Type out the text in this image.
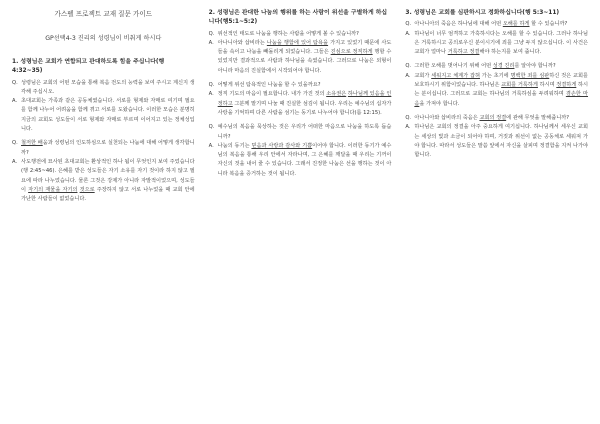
가스펠 프로젝트 교재 질문 가이드
GP선택4-3 진리의 성령님이 비춰게 하시다
1. 성령님은 교회가 연합되고 관대하도록 힘을 주십니다(행4:32~35)
Q. 성령님은 교회의 어떤 모습을 통해 복음 전도의 능력을 보여 주시고 계신지 생각해 주십시오.

A. 초대교회는 가족과 같은 공동체였습니다. 서로를 형제와 자매로 여기며 필요를 함께 나누어 어려움을 함께 겪고 서로를 도왔습니다. 이러한 모습은 분명히 지금의 교회도 성도들이 서로 형제와 자매로 부르며 이어지고 있는 정체성입니다.

Q. 철저한 배움과 성령님의 인도하심으로 실천되는 나눔에 대해 어떻게 생각합니까?

A. 사도행전에 묘사된 초대교회는 환상적인 하나 됨이 무엇인지 보여 주었습니다(행 2:45~46). 은혜를 받은 성도들은 자기 소유를 자기 것이라 하지 않고 필요에 따라 나누었습니다. 물론 그것은 강제가 아니라 자발적이었으며, 성도들이 자기의 재물을 자기의 것으로 주장하지 않고 서로 나누었을 때 교회 안에 가난한 사람들이 없었습니다.

2. 성령님은 관대한 나눔의 행위를 하는 사람이 위선을 구별하게 하십니다(행5:1~5:2)
Q. 위선적인 태도로 나눔을 행하는 사람을 어떻게 볼 수 있습니까?

A. 아나니아와 삽비라는 나눔을 행함에 있어 탐욕을 가지고 있었기 때문에 사도들을 속이고 나눔을 빼돌리게 되었습니다. 그들은 진심으로 정직하게 행할 수 있었지만 결과적으로 사람과 하나님을 속였습니다. 그러므로 나눔은 외형이 아니라 마음의 진실함에서 시작되어야 합니다.

Q. 어떻게 위선 탐욕적인 나눔을 할 수 있을까요?

A. 정직 기도의 마음이 필요합니다. 내가 가진 것의 소유권은 하나님께 있음을 인정하고 그분께 맡기며 나눌 때 진실한 섬김이 됩니다. 우리는 예수님의 십자가 사랑을 기억하며 다른 사람을 섬기는 동기로 나누어야 합니다(롬 12:15).

Q. 예수님의 복음을 묵상하는 것은 우리가 어떠한 마음으로 나눔을 하도록 돕습니까?

A. 나눔의 동기는 믿음과 사랑과 감사와 기쁨이어야 합니다. 이러한 동기가 예수님의 복음을 통해 우리 안에서 자라나며, 그 은혜를 깨달을 때 우리는 기꺼이 자신의 것을 내어 줄 수 있습니다. 그래서 진정한 나눔은 선을 행하는 것이 아니라 복음을 증거하는 것이 됩니다.

3. 성령님은 교회를 심판하시고 정화하십니다(행 5:3~11)
Q. 아나니아의 죽음은 하나님에 대해 어떤 오해를 하게 할 수 있습니까?

A. 하나님이 너무 엄격하고 가혹하시다는 오해를 할 수 있습니다. 그러나 하나님은 거룩하시고 공의로우신 분이시기에 죄를 그냥 두지 않으십니다. 이 사건은 교회가 얼마나 거룩하고 정결해야 하는지를 보여 줍니다.

Q. 그러한 오해를 벗어나기 위해 어떤 성경 진리를 알아야 합니까?

A. 교회가 세워지고 체계가 잡혀 가는 초기에 명백한 죄를 심판하신 것은 교회를 보호하시기 위함이었습니다. 하나님은 교회를 거룩하게 하시며 정결하게 하시는 분이십니다. 그러므로 교회는 하나님의 거룩하심을 두려워하며 겸손한 마음을 가져야 합니다.

Q. 아나니아와 삽비라의 죽음은 교회의 정결에 관해 무엇을 말해줍니까?

A. 하나님은 교회의 정결을 아주 중요하게 여기십니다. 하나님께서 세우신 교회는 세상의 빛과 소금이 되어야 하며, 거짓과 위선이 없는 공동체로 세워져 가야 합니다. 따라서 성도들은 말씀 앞에서 자신을 살피며 정결함을 지켜 나가야 합니다.
